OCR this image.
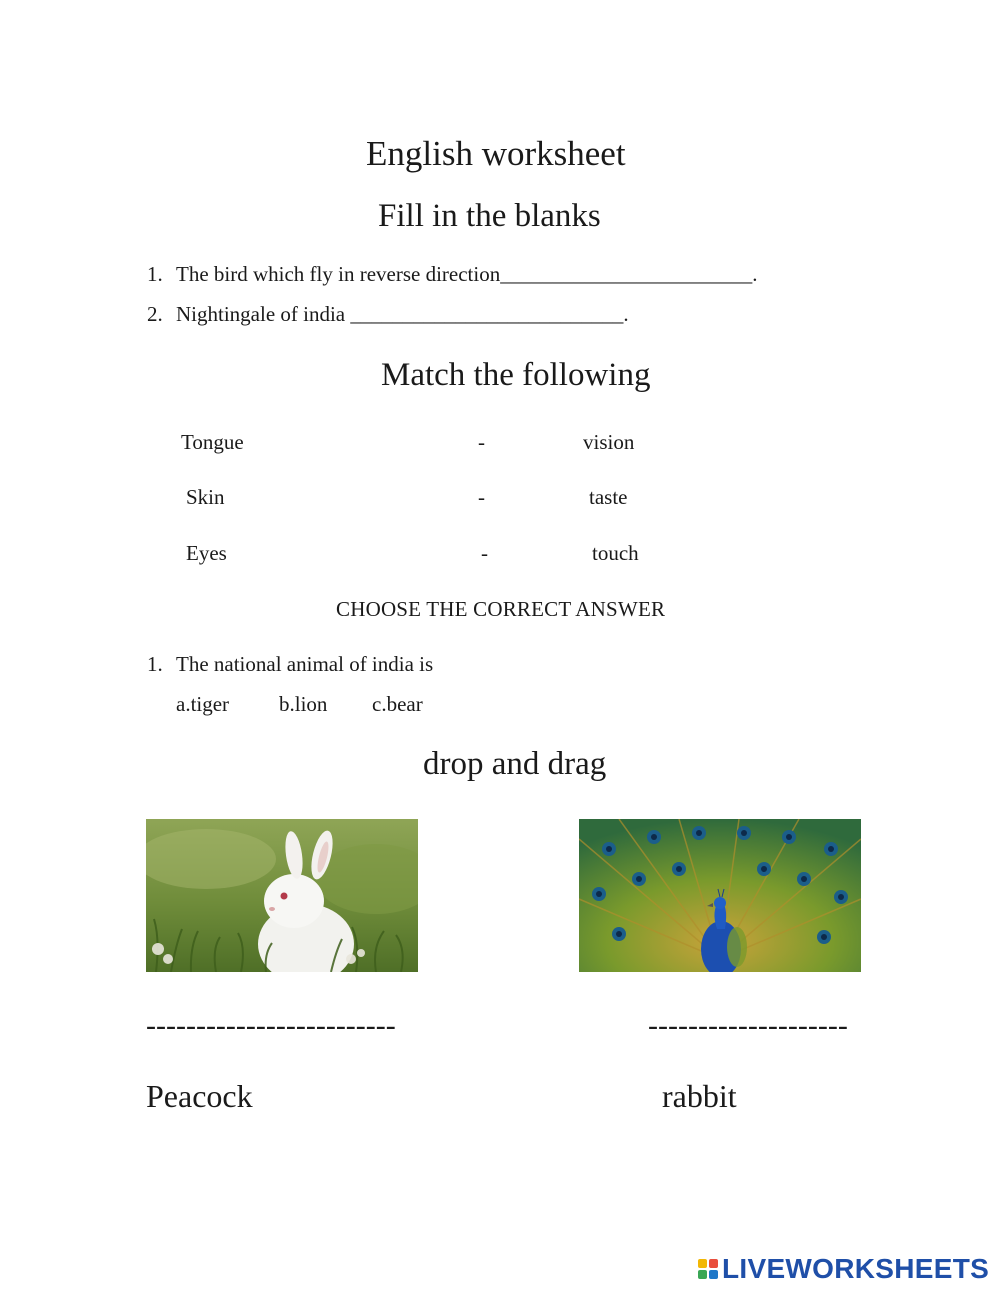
English worksheet
Fill in the blanks
1. The bird which fly in reverse direction________________________.
2. Nightingale of india __________________________.
Match the following
Tongue	-	vision
Skin	-	taste
Eyes	-	touch
CHOOSE THE CORRECT ANSWER
1. The national animal of india is
a.tiger b.lion c.bear
drop and drag
-------------------------	--------------------
Peacock	rabbit
LIVEWORKSHEETS
